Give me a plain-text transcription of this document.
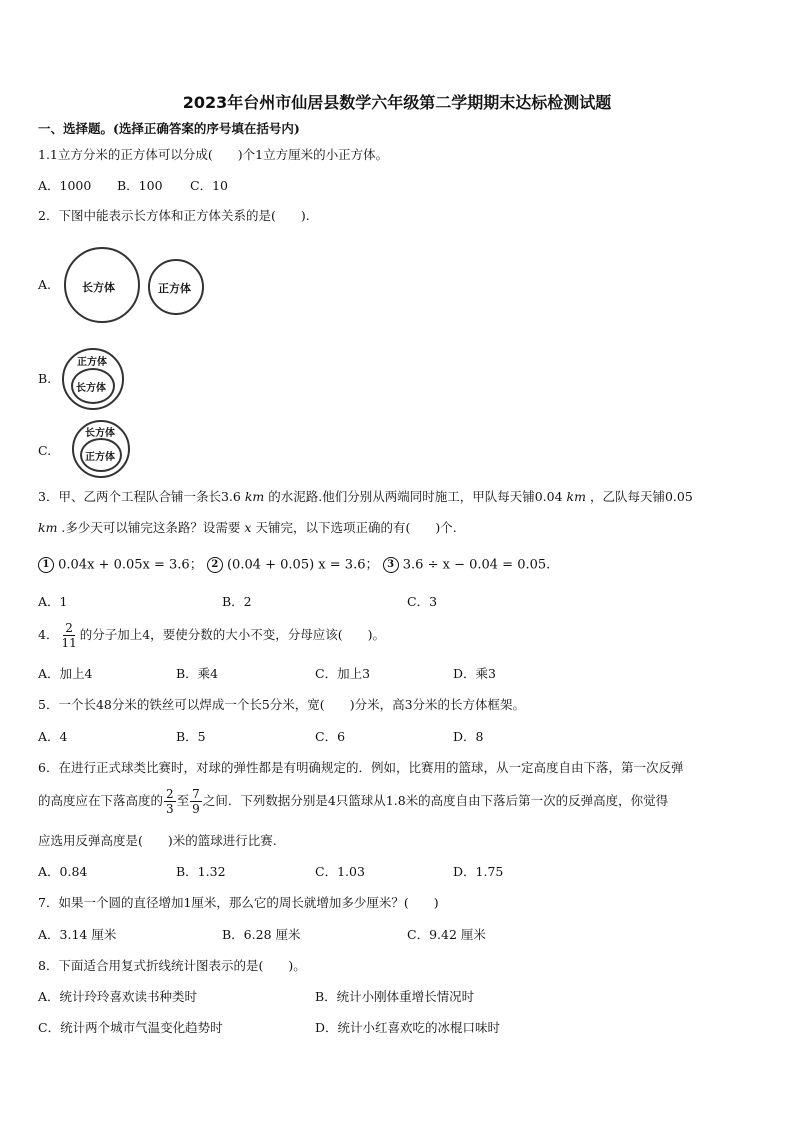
2023年台州市仙居县数学六年级第二学期期末达标检测试题
一、选择题。(选择正确答案的序号填在括号内)
1.1立方分米的正方体可以分成(　　)个1立方厘米的小正方体。
A．1000 B．100 C．10
2．下图中能表示长方体和正方体关系的是(　　).
A.	长方体	正方体
B.
正方体
长方体
C.
长方体
正方体
3．甲、乙两个工程队合铺一条长3.6 km 的水泥路.他们分别从两端同时施工，甲队每天铺0.04 km ，乙队每天铺0.05
km .多少天可以铺完这条路？设需要 x 天铺完，以下选项正确的有(　　)个.
1 0.04x + 0.05x = 3.6； 2 (0.04 + 0.05) x = 3.6； 3 3.6 ÷ x − 0.04 = 0.05.
A．1	B．2	C．3
4． $\frac{2}{11}$ 的分子加上4，要使分数的大小不变，分母应该(　　)。
A．加上4	B．乘4	C．加上3	D．乘3
5．一个长48分米的铁丝可以焊成一个长5分米，宽(　　)分米，高3分米的长方体框架。
A．4	B．5	C．6	D．8
6．在进行正式球类比赛时，对球的弹性都是有明确规定的．例如，比赛用的篮球，从一定高度自由下落，第一次反弹
的高度应在下落高度的 $\frac{2}{3}$ 至 $\frac{7}{9}$ 之间．下列数据分别是4只篮球从1.8米的高度自由下落后第一次的反弹高度，你觉得
应选用反弹高度是(　　)米的篮球进行比赛.
A．0.84	B．1.32	C．1.03	D．1.75
7．如果一个圆的直径增加1厘米，那么它的周长就增加多少厘米？(　　)
A．3.14 厘米	B．6.28 厘米	C．9.42 厘米
8．下面适合用复式折线统计图表示的是(　　)。
A．统计玲玲喜欢读书种类时	B．统计小刚体重增长情况时
C．统计两个城市气温变化趋势时	D．统计小红喜欢吃的冰棍口味时
